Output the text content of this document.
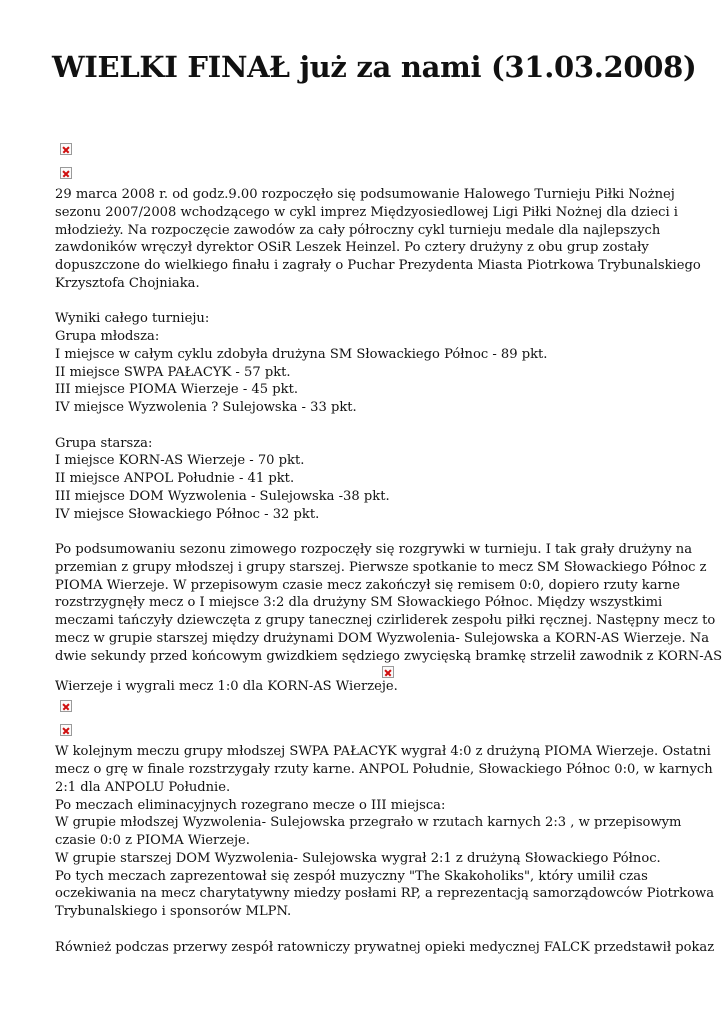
WIELKI FINAŁ już za nami (31.03.2008)
29 marca 2008 r. od godz.9.00 rozpoczęło się podsumowanie Halowego Turnieju Piłki Nożnej
sezonu 2007/2008 wchodzącego w cykl imprez Międzyosiedlowej Ligi Piłki Nożnej dla dzieci i
młodzieży. Na rozpoczęcie zawodów za cały półroczny cykl turnieju medale dla najlepszych
zawdoników wręczył dyrektor OSiR Leszek Heinzel. Po cztery drużyny z obu grup zostały
dopuszczone do wielkiego finału i zagrały o Puchar Prezydenta Miasta Piotrkowa Trybunalskiego
Krzysztofa Chojniaka.
Wyniki całego turnieju:
Grupa młodsza:
I miejsce w całym cyklu zdobyła drużyna SM Słowackiego Północ - 89 pkt.
II miejsce SWPA PAŁACYK - 57 pkt.
III miejsce PIOMA Wierzeje - 45 pkt.
IV miejsce Wyzwolenia ? Sulejowska - 33 pkt.
Grupa starsza:
I miejsce KORN-AS Wierzeje - 70 pkt.
II miejsce ANPOL Południe - 41 pkt.
III miejsce DOM Wyzwolenia - Sulejowska -38 pkt.
IV miejsce Słowackiego Północ - 32 pkt.
Po podsumowaniu sezonu zimowego rozpoczęły się rozgrywki w turnieju. I tak grały drużyny na
przemian z grupy młodszej i grupy starszej. Pierwsze spotkanie to mecz SM Słowackiego Północ z
PIOMA Wierzeje. W przepisowym czasie mecz zakończył się remisem 0:0, dopiero rzuty karne
rozstrzygnęły mecz o I miejsce 3:2 dla drużyny SM Słowackiego Północ. Między wszystkimi
meczami tańczyły dziewczęta z grupy tanecznej czirliderek zespołu piłki ręcznej. Następny mecz to
mecz w grupie starszej między drużynami DOM Wyzwolenia- Sulejowska a KORN-AS Wierzeje. Na
dwie sekundy przed końcowym gwizdkiem sędziego zwycięską bramkę strzelił zawodnik z KORN-AS
Wierzeje i wygrali mecz 1:0 dla KORN-AS Wierzeje.
W kolejnym meczu grupy młodszej SWPA PAŁACYK wygrał 4:0 z drużyną PIOMA Wierzeje. Ostatni
mecz o grę w finale rozstrzygały rzuty karne. ANPOL Południe, Słowackiego Północ 0:0, w karnych
2:1 dla ANPOLU Południe.
Po meczach eliminacyjnych rozegrano mecze o III miejsca:
W grupie młodszej Wyzwolenia- Sulejowska przegrało w rzutach karnych 2:3 , w przepisowym
czasie 0:0 z PIOMA Wierzeje.
W grupie starszej DOM Wyzwolenia- Sulejowska wygrał 2:1 z drużyną Słowackiego Północ.
Po tych meczach zaprezentował się zespół muzyczny "The Skakoholiks", który umilił czas
oczekiwania na mecz charytatywny miedzy posłami RP, a reprezentacją samorządowców Piotrkowa
Trybunalskiego i sponsorów MLPN.
Również podczas przerwy zespół ratowniczy prywatnej opieki medycznej FALCK przedstawił pokaz
